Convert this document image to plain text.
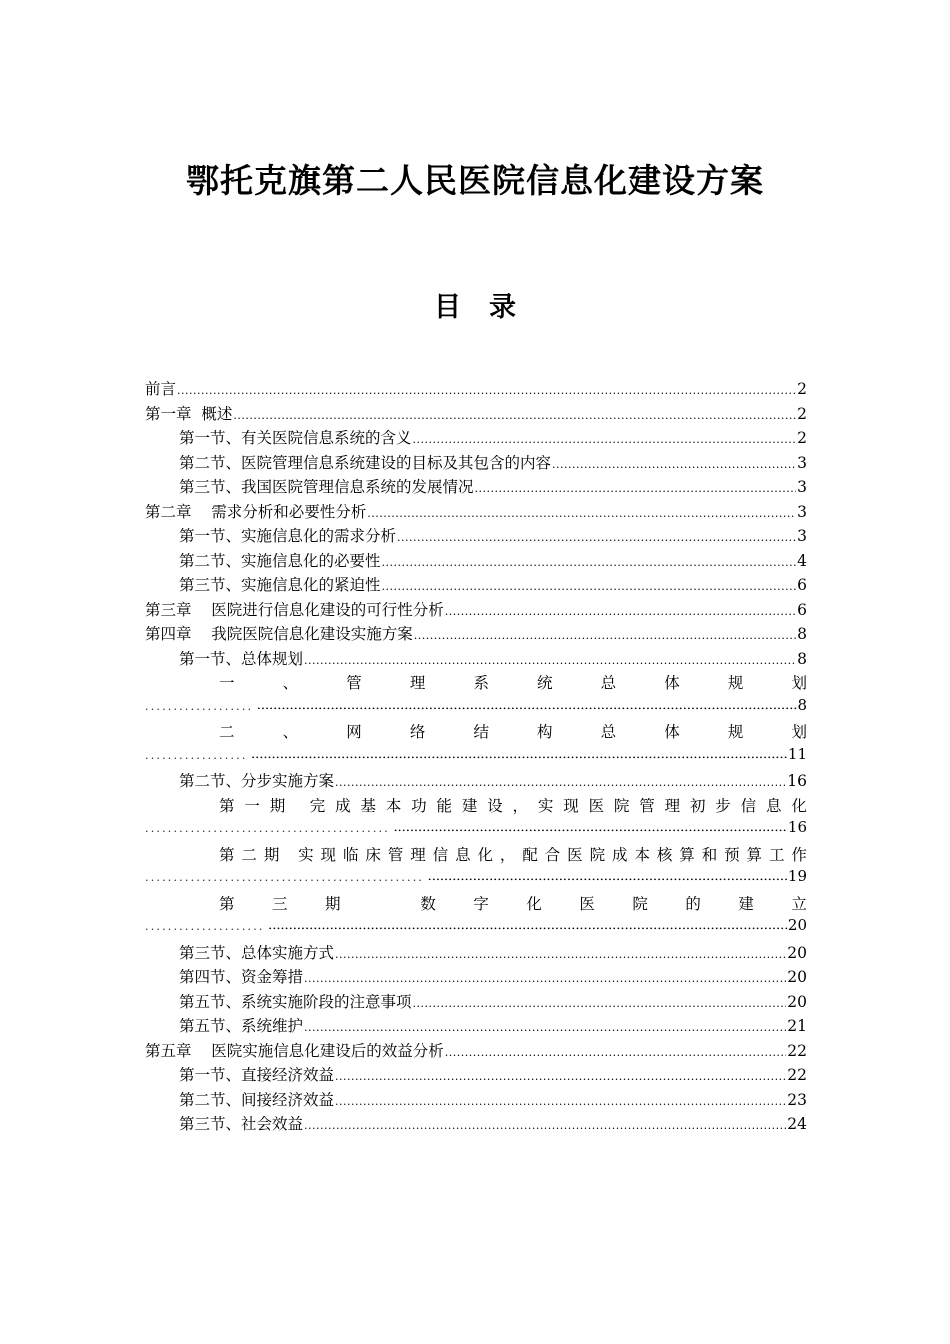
鄂托克旗第二人民医院信息化建设方案
目录
前言 .....	2
第一章  概述 .....	2
第一节、有关医院信息系统的含义 .....	2
第二节、医院管理信息系统建设的目标及其包含的内容 .....	3
第三节、我国医院管理信息系统的发展情况 .....	3
第二章    需求分析和必要性分析 .....	3
第一节、实施信息化的需求分析 .....	3
第二节、实施信息化的必要性 .....	4
第三节、实施信息化的紧迫性 .....	6
第三章    医院进行信息化建设的可行性分析 .....	6
第四章    我院医院信息化建设实施方案 .....	8
第一节、总体规划 .....	8
一	、	管	理	系	统	总	体	规	划
................... •••••	8
二	、	网	络	结	构	总	体	规	划
.................. •••••	11
第二节、分步实施方案 .....	16
第 一 期
完 成 基 本 功 能 建 设 ， 实 现 医 院 管 理 初 步 信 息 化
........................................... •••••	16
第 二 期
实 现 临 床 管 理 信 息 化 ， 配 合 医 院 成 本 核 算 和 预 算 工 作
................................................. •••••	19
第 三 期
	数 字 化 医 院 的 建 立
..................... •••••	20
第三节、总体实施方式 .....	20
第四节、资金筹措 .....	20
第五节、系统实施阶段的注意事项 .....	20
第五节、系统维护 .....	21
第五章    医院实施信息化建设后的效益分析 .....	22
第一节、直接经济效益 .....	22
第二节、间接经济效益 .....	23
第三节、社会效益 .....	24
